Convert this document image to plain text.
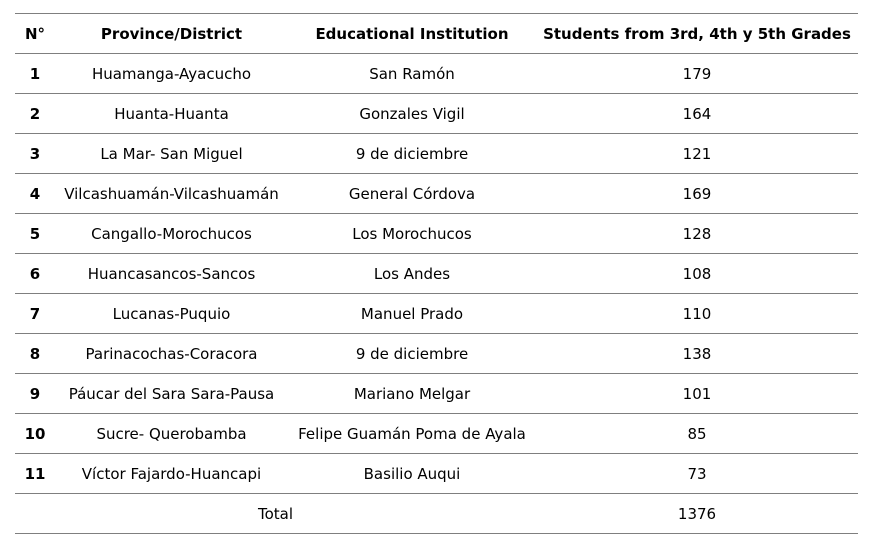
N°	Province/District	Educational Institution	Students from 3rd, 4th y 5th Grades
1	Huamanga-Ayacucho	San Ramón	179
2	Huanta-Huanta	Gonzales Vigil	164
3	La Mar- San Miguel	9 de diciembre	121
4	Vilcashuamán-Vilcashuamán	General Córdova	169
5	Cangallo-Morochucos	Los Morochucos	128
6	Huancasancos-Sancos	Los Andes	108
7	Lucanas-Puquio	Manuel Prado	110
8	Parinacochas-Coracora	9 de diciembre	138
9	Páucar del Sara Sara-Pausa	Mariano Melgar	101
10	Sucre- Querobamba	Felipe Guamán Poma de Ayala	85
11	Víctor Fajardo-Huancapi	Basilio Auqui	73
Total			1376
